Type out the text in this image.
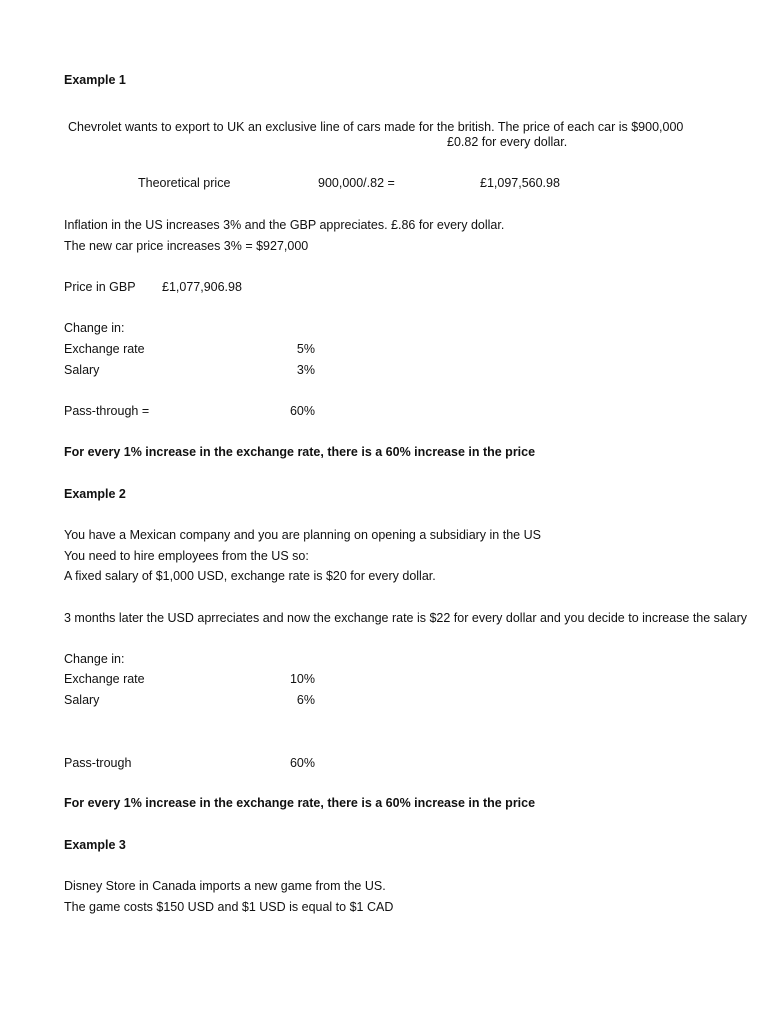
Example 1
Chevrolet wants to export to UK an exclusive line of cars made for the british. The price of each car is $900,000
£0.82 for every dollar.
Theoretical price	900,000/.82 =	£1,097,560.98
Inflation in the US increases 3% and the GBP appreciates. £.86 for every dollar.
The new car price increases 3% = $927,000
Price in GBP £1,077,906.98
Change in:
Exchange rate	5%
Salary	3%
Pass-through =	60%
For every 1% increase in the exchange rate, there is a 60% increase in the price
Example 2
You have a Mexican company and you are planning on opening a subsidiary in the US
You need to hire employees from the US so:
A fixed salary of $1,000 USD, exchange rate is $20 for every dollar.
3 months later the USD aprreciates and now the exchange rate is $22 for every dollar and you decide to increase the salary
Change in:
Exchange rate	10%
Salary	6%
Pass-trough	60%
For every 1% increase in the exchange rate, there is a 60% increase in the price
Example 3
Disney Store in Canada imports a new game from the US.
The game costs $150 USD and $1 USD is equal to $1 CAD
